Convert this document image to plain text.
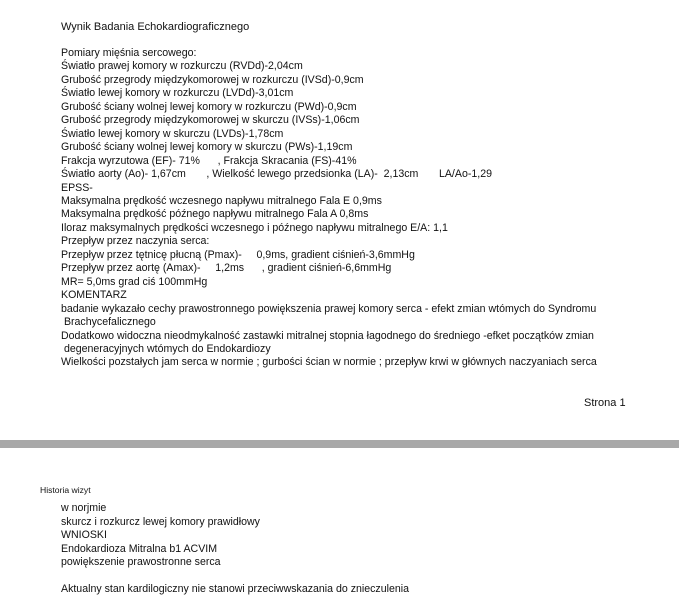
Wynik Badania Echokardiograficznego
Pomiary mięśnia sercowego:
Światło prawej komory w rozkurczu (RVDd)-2,04cm
Grubość przegrody międzykomorowej w rozkurczu (IVSd)-0,9cm
Światło lewej komory w rozkurczu (LVDd)-3,01cm
Grubość ściany wolnej lewej komory w rozkurczu (PWd)-0,9cm
Grubość przegrody międzykomorowej w skurczu (IVSs)-1,06cm
Światło lewej komory w skurczu (LVDs)-1,78cm
Grubość ściany wolnej lewej komory w skurczu (PWs)-1,19cm
Frakcja wyrzutowa (EF)- 71%      , Frakcja Skracania (FS)-41%
Światło aorty (Ao)- 1,67cm       , Wielkość lewego przedsionka (LA)-  2,13cm       LA/Ao-1,29
EPSS-
Maksymalna prędkość wczesnego napływu mitralnego Fala E 0,9ms
Maksymalna prędkość późnego napływu mitralnego Fala A 0,8ms
Iloraz maksymalnych prędkości wczesnego i późnego napływu mitralnego E/A: 1,1
Przepływ przez naczynia serca:
Przepływ przez tętnicę płucną (Pmax)-     0,9ms, gradient ciśnień-3,6mmHg
Przepływ przez aortę (Amax)-     1,2ms      , gradient ciśnień-6,6mmHg
MR= 5,0ms grad ciś 100mmHg
KOMENTARZ
badanie wykazało cechy prawostronnego powiększenia prawej komory serca - efekt zmian wtómych do Syndromu
Brachycefalicznego
Dodatkowo widoczna nieodmykalność zastawki mitralnej stopnia łagodnego do średniego -efket początków zmian
degeneracyjnych wtómych do Endokardiozy
Wielkości pozstałych jam serca w normie ; gurbości ścian w normie ; przepływ krwi w głównych naczyaniach serca
Strona 1
Historia wizyt
w norjmie
skurcz i rozkurcz lewej komory prawidłowy
WNIOSKI
Endokardioza Mitralna b1 ACVIM
powiększenie prawostronne serca
Aktualny stan kardilogiczny nie stanowi przeciwwskazania do znieczulenia
